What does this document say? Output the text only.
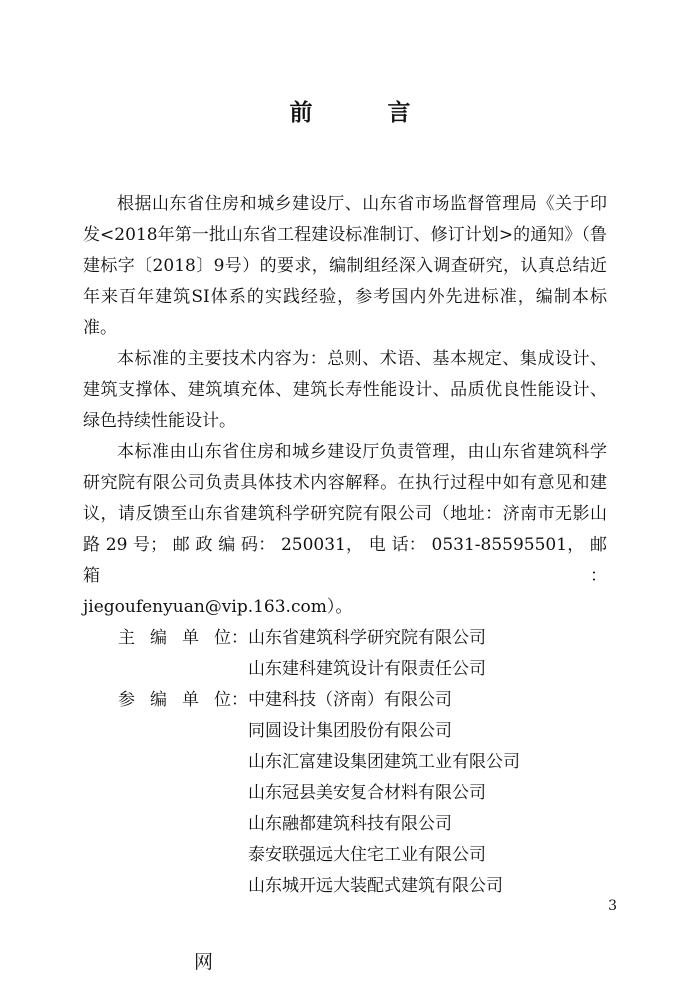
前　言
根据山东省住房和城乡建设厅、山东省市场监督管理局《关于印
发<2018年第一批山东省工程建设标准制订、修订计划>的通知》（鲁
建标字〔2018〕9号）的要求，编制组经深入调查研究，认真总结近
年来百年建筑SI体系的实践经验，参考国内外先进标准，编制本标
准。
本标准的主要技术内容为：总则、术语、基本规定、集成设计、
建筑支撑体、建筑填充体、建筑长寿性能设计、品质优良性能设计、
绿色持续性能设计。
本标准由山东省住房和城乡建设厅负责管理，由山东省建筑科学
研究院有限公司负责具体技术内容解释。在执行过程中如有意见和建
议，请反馈至山东省建筑科学研究院有限公司（地址：济南市无影山
路 29 号； 邮 政 编 码： 250031， 电 话： 0531-85595501， 邮 箱：
jiegoufenyuan@vip.163.com）。
主 编 单 位 ： 山东省建筑科学研究院有限公司
山东建科建筑设计有限责任公司
参 编 单 位 ： 中建科技（济南）有限公司
同圆设计集团股份有限公司
山东汇富建设集团建筑工业有限公司
山东冠县美安复合材料有限公司
山东融都建筑科技有限公司
泰安联强远大住宅工业有限公司
山东城开远大装配式建筑有限公司
3
网
